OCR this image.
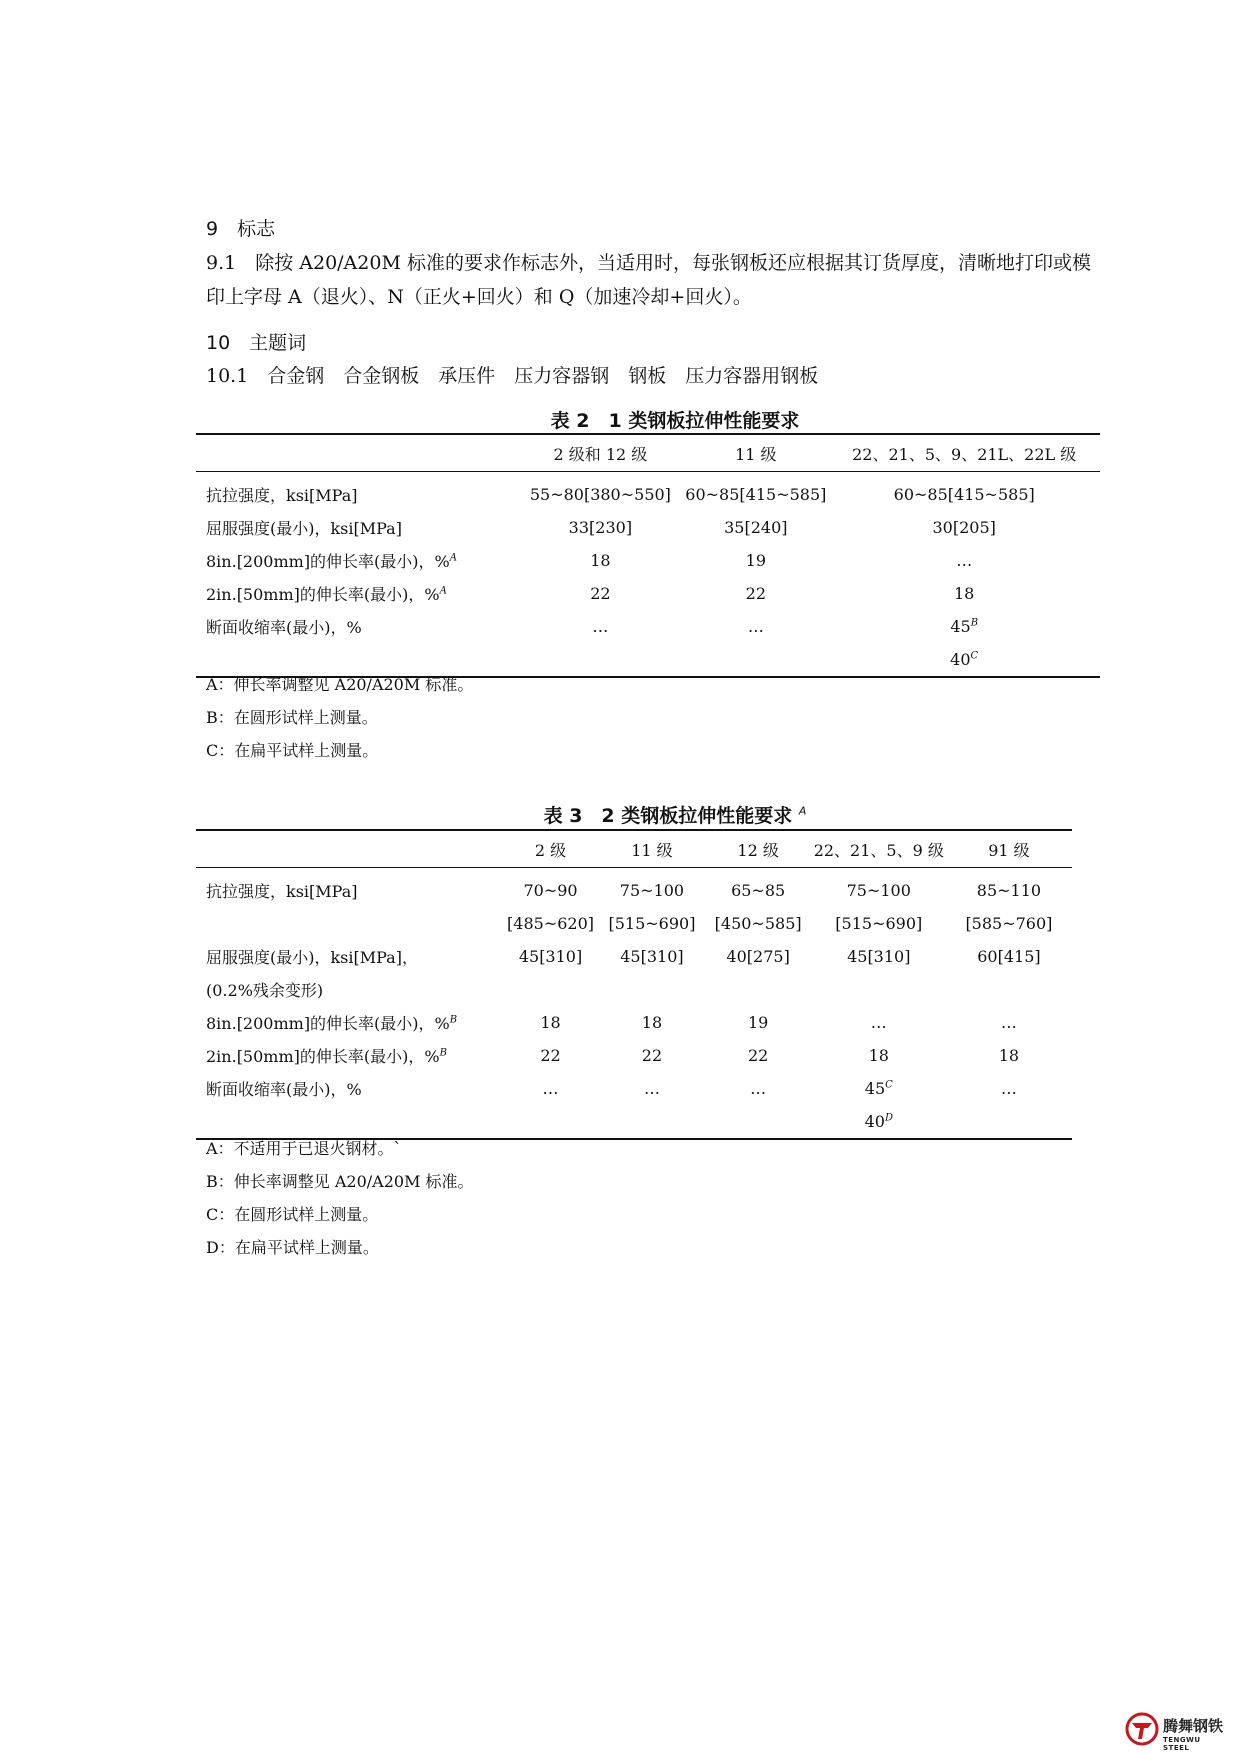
9　标志
9.1　除按 A20/A20M 标准的要求作标志外，当适用时，每张钢板还应根据其订货厚度，清晰地打印或模印上字母 A（退火）、N（正火+回火）和 Q（加速冷却+回火）。
10　主题词
10.1　合金钢　合金钢板　承压件　压力容器钢　钢板　压力容器用钢板
表 2　1 类钢板拉伸性能要求
	2 级和 12 级	11 级	22、21、5、9、21L、22L 级
抗拉强度，ksi[MPa]	55~80[380~550]	60~85[415~585]	60~85[415~585]
屈服强度(最小)，ksi[MPa]	33[230]	35[240]	30[205]
8in.[200mm]的伸长率(最小)，%$^A$	18	19	…
2in.[50mm]的伸长率(最小)，%$^A$	22	22	18
断面收缩率(最小)，%	…	…	$45^B$
			$40^C$
A：伸长率调整见 A20/A20M 标准。
B：在圆形试样上测量。
C：在扁平试样上测量。
表 3　2 类钢板拉伸性能要求 $^A$
	2 级	11 级	12 级	22、21、5、9 级	91 级
抗拉强度，ksi[MPa]	70~90	75~100	65~85	75~100	85~110
	[485~620]	[515~690]	[450~585]	[515~690]	[585~760]
屈服强度(最小)，ksi[MPa]，	45[310]	45[310]	40[275]	45[310]	60[415]
(0.2%残余变形)					
8in.[200mm]的伸长率(最小)，%$^B$	18	18	19	…	…
2in.[50mm]的伸长率(最小)，%$^B$	22	22	22	18	18
断面收缩率(最小)，%	…	…	…	$45^C$	…
				$40^D$	
A：不适用于已退火钢材。`
B：伸长率调整见 A20/A20M 标准。
C：在圆形试样上测量。
D：在扁平试样上测量。
腾舞钢铁
TENGWU STEEL
